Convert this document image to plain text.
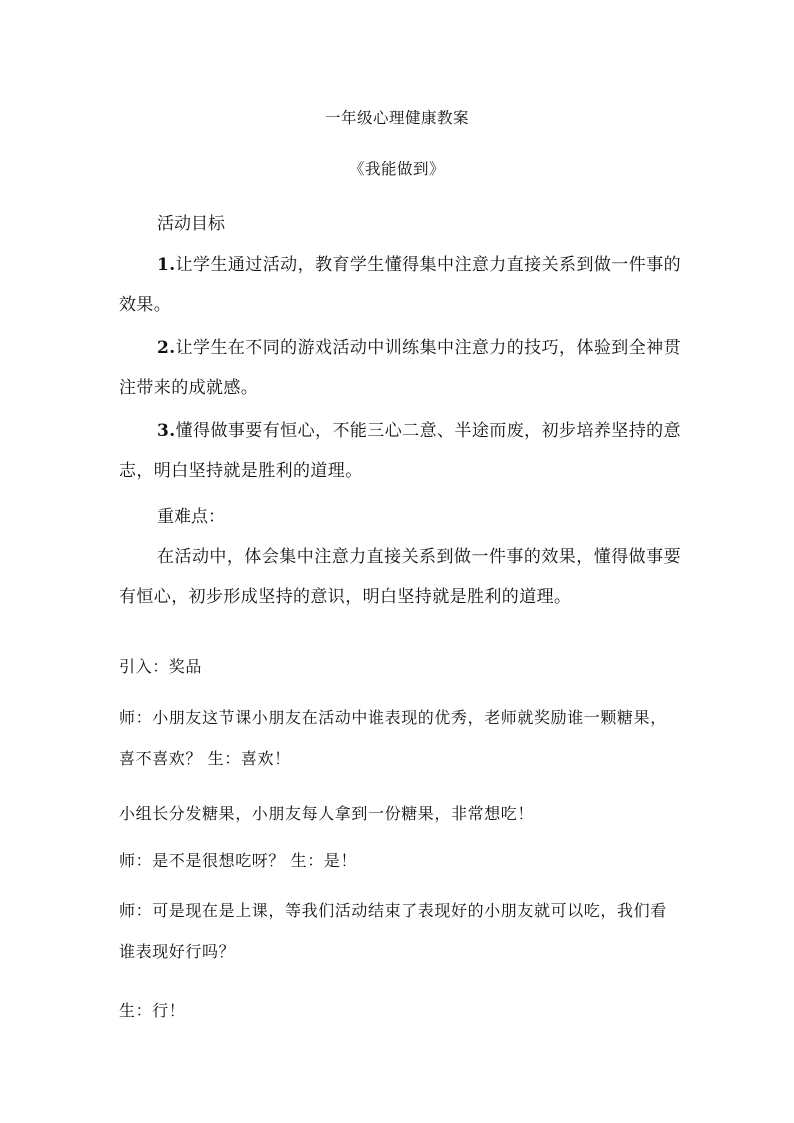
一年级心理健康教案
《我能做到》
活动目标
1.让学生通过活动，教育学生懂得集中注意力直接关系到做一件事的效果。
2.让学生在不同的游戏活动中训练集中注意力的技巧，体验到全神贯注带来的成就感。
3.懂得做事要有恒心，不能三心二意、半途而废，初步培养坚持的意志，明白坚持就是胜利的道理。
重难点：
在活动中，体会集中注意力直接关系到做一件事的效果，懂得做事要有恒心，初步形成坚持的意识，明白坚持就是胜利的道理。
引入：奖品
师：小朋友这节课小朋友在活动中谁表现的优秀，老师就奖励谁一颗糖果，喜不喜欢？ 生：喜欢！
小组长分发糖果，小朋友每人拿到一份糖果，非常想吃！
师：是不是很想吃呀？ 生：是！
师：可是现在是上课，等我们活动结束了表现好的小朋友就可以吃，我们看谁表现好行吗？
生：行！
